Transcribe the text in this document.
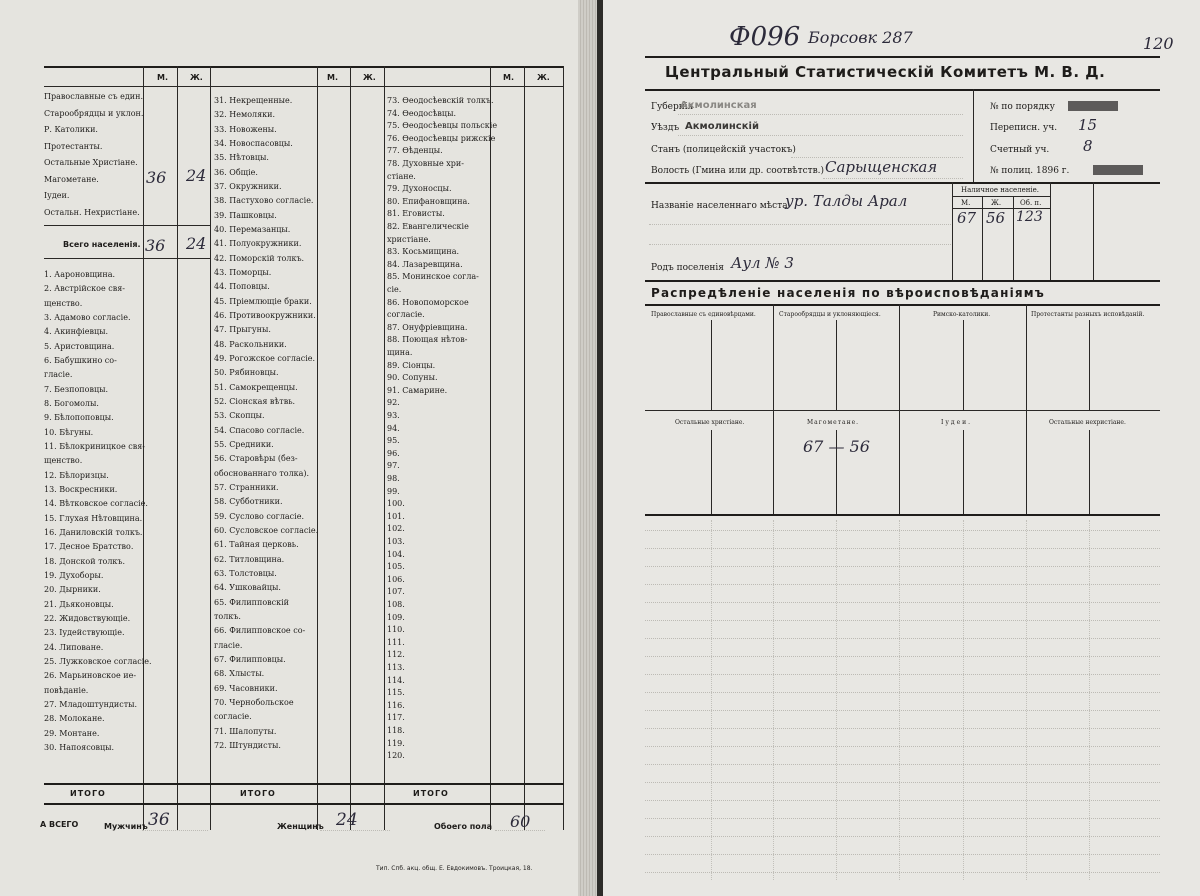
М.	Ж.	М.	Ж.	М.	Ж.
Православные съ един.
Старообрядцы и уклон.
Р. Католики.
Протестанты.
Остальные Христiане.
Магометане.	36 24
Iудеи.
Остальн. Нехристiане.
Всего населенiя. 36 24
1. Аароновщина.
2. Австрiйское свя-
щенство.
3. Адамово согласiе.
4. Акинфiевцы.
5. Аристовщина.
6. Бабушкино со-
гласiе.
7. Безпоповцы.
8. Богомолы.
9. Бѣлопоповцы.
10. Бѣгуны.
11. Бѣлокриницкое свя-
щенство.
12. Бѣлоризцы.
13. Воскресники.
14. Вѣтковское согласiе.
15. Глухая Нѣтовщина.
16. Даниловскiй толкъ.
17. Десное Братство.
18. Донской толкъ.
19. Духоборы.
20. Дырники.
21. Дьяконовцы.
22. Жидовствующiе.
23. Iудействующiе.
24. Липоване.
25. Лужковское согласiе.
26. Марьиновское ие-
повѣданiе.
27. Младоштундисты.
28. Молокане.
29. Монтане.
30. Напоясовцы.
31. Некрещенные.
32. Немоляки.
33. Новожены.
34. Новоспасовцы.
35. Нѣтовцы.
36. Общiе.
37. Окружники.
38. Пастухово согласiе.
39. Пашковцы.
40. Перемазанцы.
41. Полуокружники.
42. Поморскiй толкъ.
43. Поморцы.
44. Поповцы.
45. Прiемлющiе браки.
46. Противоокружники.
47. Прыгуны.
48. Раскольники.
49. Рогожское согласiе.
50. Рябиновцы.
51. Самокрещенцы.
52. Сiонская вѣтвь.
53. Скопцы.
54. Спасово согласiе.
55. Средники.
56. Старовѣры (без-
обоснованнаго толка).
57. Странники.
58. Субботники.
59. Суслово согласiе.
60. Сусловское согласiе.
61. Тайная церковь.
62. Титловщина.
63. Толстовцы.
64. Ушковайцы.
65. Филипповскiй
толкъ.
66. Филипповское со-
гласiе.
67. Филипповцы.
68. Хлысты.
69. Часовники.
70. Чернобольское
согласiе.
71. Шалопуты.
72. Штундисты.
73. Өеодосѣевскiй толкъ.
74. Өеодосѣвцы.
75. Өеодосѣевцы польскiе
76. Өеодосѣевцы рижскiе
77. Өѣденцы.
78. Духовные хри-
стiане.
79. Духоносцы.
80. Епифановщина.
81. Еговисты.
82. Евангелическiе
христiане.
83. Косьмищина.
84. Лазаревщина.
85. Монинское согла-
сiе.
86. Новопоморское
согласiе.
87. Онуфрiевщина.
88. Поющая нѣтов-
щина.
89. Сiонцы.
90. Сопуны.
91. Самарине.
92.
93.
94.
95.
96.
97.
98.
99.
100.
101.
102.
103.
104.
105.
106.
107.
108.
109.
110.
111.
112.
113.
114.
115.
116.
117.
118.
119.
120.
ИТОГО	ИТОГО	ИТОГО
А ВСЕГО	Мужчинъ 36	Женщинъ 24	Обоего пола 60
Тип. Спб. акц. общ. Е. Евдокимовъ. Троицкая, 18.
Ф096 Борсовк 287	120
Центральный Статистическiй Комитетъ М. В. Д.
Губернiя
Акмолинская
Уѣздъ Акмолинскiй
Станъ (полицейскiй участокъ)
Волость (Гмина или др. соотвѣтств.) Сарыщенская
№ по порядку
Переписн. уч. 15
Счетный уч. 8
№ полиц. 1896 г.
Названiе населеннаго мѣста
ур. Талды Арал
Родъ поселенiя Аул № 3
Наличное населенiе.
М.	Ж.	Об. п.
67 56 123
Распредѣленiе населенiя по вѣроисповѣданiямъ
Православные съ единовѣрцами.	Старообрядцы и уклоняющiеся.	Римско-католики.	Протестанты разныхъ исповѣданiй.
Остальные христiане.	Магометане.	Iудеи.	Остальные нехристiане.
67 — 56
